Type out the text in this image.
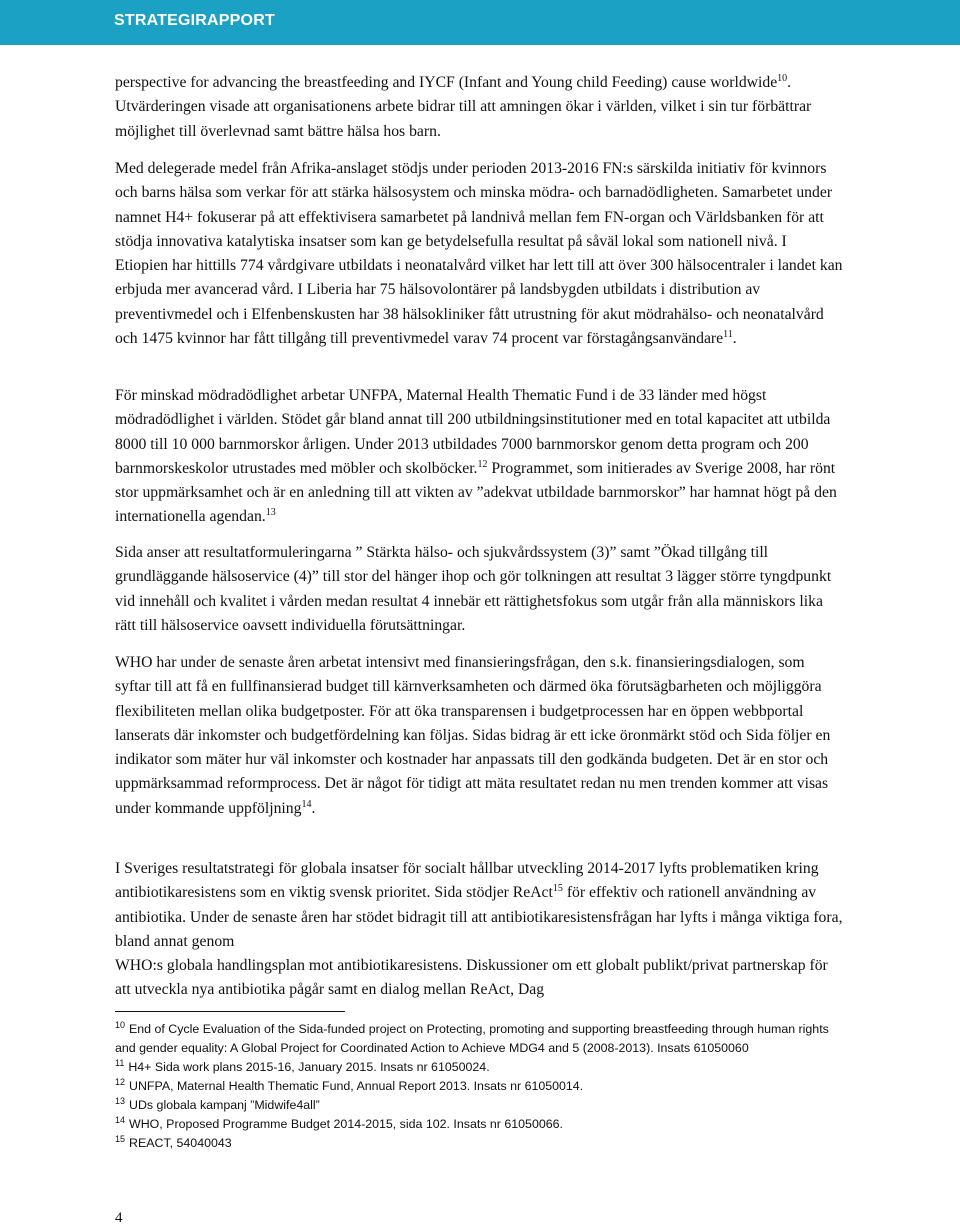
STRATEGIRAPPORT

perspective for advancing the breastfeeding and IYCF (Infant and Young child Feeding) cause worldwide$^{10}$. Utvärderingen visade att organisationens arbete bidrar till att amningen ökar i världen, vilket i sin tur förbättrar möjlighet till överlevnad samt bättre hälsa hos barn.

Med delegerade medel från Afrika-anslaget stödjs under perioden 2013-2016 FN:s särskilda initiativ för kvinnors och barns hälsa som verkar för att stärka hälsosystem och minska mödra- och barnadödligheten. Samarbetet under namnet H4+ fokuserar på att effektivisera samarbetet på landnivå mellan fem FN-organ och Världsbanken för att stödja innovativa katalytiska insatser som kan ge betydelsefulla resultat på såväl lokal som nationell nivå. I Etiopien har hittills 774 vårdgivare utbildats i neonatalvård vilket har lett till att över 300 hälsocentraler i landet kan erbjuda mer avancerad vård. I Liberia har 75 hälsovolontärer på landsbygden utbildats i distribution av preventivmedel och i Elfenbenskusten har 38 hälsokliniker fått utrustning för akut mödrahälso- och neonatalvård och 1475 kvinnor har fått tillgång till preventivmedel varav 74 procent var förstagångsanvändare$^{11}$.

För minskad mödradödlighet arbetar UNFPA, Maternal Health Thematic Fund i de 33 länder med högst mödradödlighet i världen. Stödet går bland annat till 200 utbildningsinstitutioner med en total kapacitet att utbilda 8000 till 10 000 barnmorskor årligen. Under 2013 utbildades 7000 barnmorskor genom detta program och 200 barnmorskeskolor utrustades med möbler och skolböcker.$^{12}$ Programmet, som initierades av Sverige 2008, har rönt stor uppmärksamhet och är en anledning till att vikten av ”adekvat utbildade barnmorskor” har hamnat högt på den internationella agendan.$^{13}$

Sida anser att resultatformuleringarna ” Stärkta hälso- och sjukvårdssystem (3)” samt ”Ökad tillgång till grundläggande hälsoservice (4)” till stor del hänger ihop och gör tolkningen att resultat 3 lägger större tyngdpunkt vid innehåll och kvalitet i vården medan resultat 4 innebär ett rättighetsfokus som utgår från alla människors lika rätt till hälsoservice oavsett individuella förutsättningar.

WHO har under de senaste åren arbetat intensivt med finansieringsfrågan, den s.k. finansieringsdialogen, som syftar till att få en fullfinansierad budget till kärnverksamheten och därmed öka förutsägbarheten och möjliggöra flexibiliteten mellan olika budgetposter. För att öka transparensen i budgetprocessen har en öppen webbportal lanserats där inkomster och budgetfördelning kan följas. Sidas bidrag är ett icke öronmärkt stöd och Sida följer en indikator som mäter hur väl inkomster och kostnader har anpassats till den godkända budgeten. Det är en stor och uppmärksammad reformprocess. Det är något för tidigt att mäta resultatet redan nu men trenden kommer att visas under kommande uppföljning$^{14}$.

I Sveriges resultatstrategi för globala insatser för socialt hållbar utveckling 2014-2017 lyfts problematiken kring antibiotikaresistens som en viktig svensk prioritet. Sida stödjer ReAct$^{15}$ för effektiv och rationell användning av antibiotika. Under de senaste åren har stödet bidragit till att antibiotikaresistensfrågan har lyfts i många viktiga fora, bland annat genom
WHO:s globala handlingsplan mot antibiotikaresistens. Diskussioner om ett globalt publikt/privat partnerskap för att utveckla nya antibiotika pågår samt en dialog mellan ReAct, Dag

$^{10}$ End of Cycle Evaluation of the Sida-funded project on Protecting, promoting and supporting breastfeeding through human rights and gender equality: A Global Project for Coordinated Action to Achieve MDG4 and 5 (2008-2013). Insats 61050060

$^{11}$ H4+ Sida work plans 2015-16, January 2015. Insats nr 61050024.

$^{12}$ UNFPA, Maternal Health Thematic Fund, Annual Report 2013. Insats nr 61050014.

$^{13}$ UDs globala kampanj ”Midwife4all”

$^{14}$ WHO, Proposed Programme Budget 2014-2015, sida 102. Insats nr 61050066.

$^{15}$ REACT, 54040043

4
